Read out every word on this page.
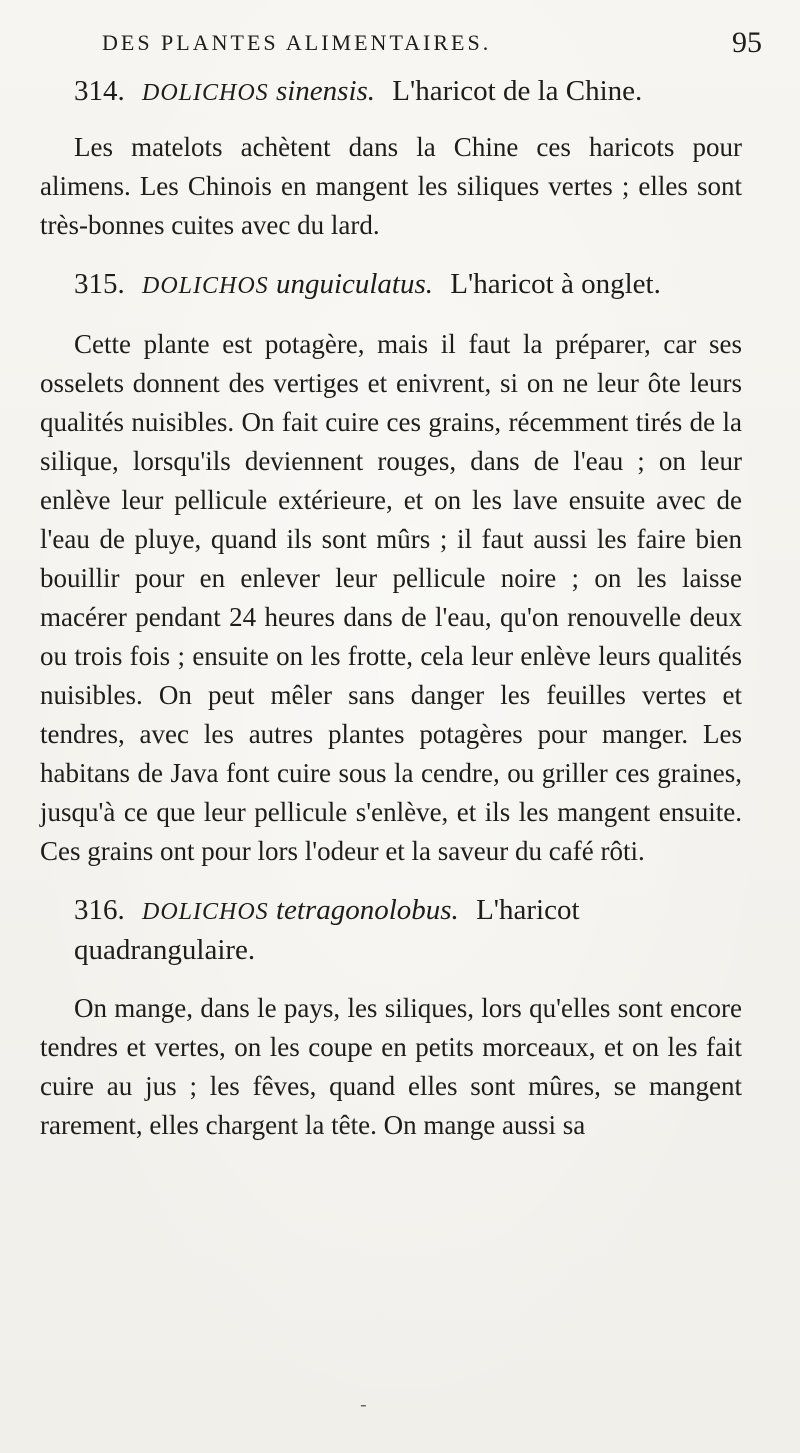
DES PLANTES ALIMENTAIRES.	95
314. DOLICHOS sinensis. L'haricot de la Chine.

Les matelots achètent dans la Chine ces haricots pour alimens. Les Chinois en mangent les siliques vertes ; elles sont très-bonnes cuites avec du lard.

315. DOLICHOS unguiculatus. L'haricot à onglet.

Cette plante est potagère, mais il faut la préparer, car ses osselets donnent des vertiges et enivrent, si on ne leur ôte leurs qualités nuisibles. On fait cuire ces grains, récemment tirés de la silique, lorsqu'ils deviennent rouges, dans de l'eau ; on leur enlève leur pellicule extérieure, et on les lave ensuite avec de l'eau de pluye, quand ils sont mûrs ; il faut aussi les faire bien bouillir pour en enlever leur pellicule noire ; on les laisse macérer pendant 24 heures dans de l'eau, qu'on renouvelle deux ou trois fois ; ensuite on les frotte, cela leur enlève leurs qualités nuisibles. On peut mêler sans danger les feuilles vertes et tendres, avec les autres plantes potagères pour manger. Les habitans de Java font cuire sous la cendre, ou griller ces graines, jusqu'à ce que leur pellicule s'enlève, et ils les mangent ensuite. Ces grains ont pour lors l'odeur et la saveur du café rôti.

316. DOLICHOS tetragonolobus. L'haricot quadrangulaire.

On mange, dans le pays, les siliques, lors qu'elles sont encore tendres et vertes, on les coupe en petits morceaux, et on les fait cuire au jus ; les fêves, quand elles sont mûres, se mangent rarement, elles chargent la tête. On mange aussi sa

-
